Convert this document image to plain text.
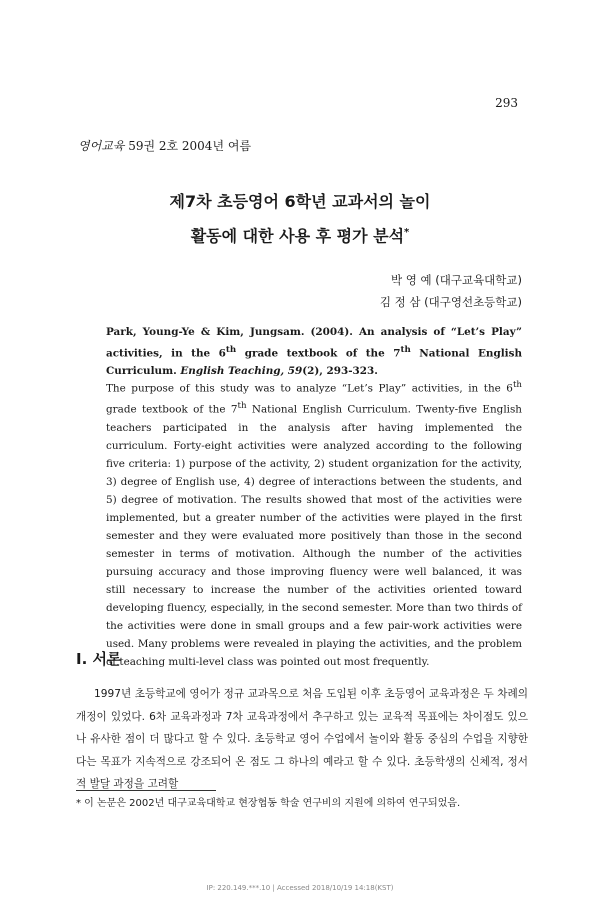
293
영어교육 59권 2호 2004년 여름
제7차 초등영어 6학년 교과서의 놀이
활동에 대한 사용 후 평가 분석*
박 영 예 (대구교육대학교)
김 정 삼 (대구영선초등학교)
Park, Young-Ye & Kim, Jungsam. (2004). An analysis of “Let’s Play” activities, in the 6th grade textbook of the 7th National English Curriculum. English Teaching, 59(2), 293-323.
The purpose of this study was to analyze “Let’s Play” activities, in the 6th grade textbook of the 7th National English Curriculum. Twenty-five English teachers participated in the analysis after having implemented the curriculum. Forty-eight activities were analyzed according to the following five criteria: 1) purpose of the activity, 2) student organization for the activity, 3) degree of English use, 4) degree of interactions between the students, and 5) degree of motivation. The results showed that most of the activities were implemented, but a greater number of the activities were played in the first semester and they were evaluated more positively than those in the second semester in terms of motivation. Although the number of the activities pursuing accuracy and those improving fluency were well balanced, it was still necessary to increase the number of the activities oriented toward developing fluency, especially, in the second semester. More than two thirds of the activities were done in small groups and a few pair-work activities were used. Many problems were revealed in playing the activities, and the problem of teaching multi-level class was pointed out most frequently.
I. 서론
1997년 초등학교에 영어가 정규 교과목으로 처음 도입된 이후 초등영어 교육과정은 두 차례의 개정이 있었다. 6차 교육과정과 7차 교육과정에서 추구하고 있는 교육적 목표에는 차이점도 있으나 유사한 점이 더 많다고 할 수 있다. 초등학교 영어 수업에서 놀이와 활동 중심의 수업을 지향한다는 목표가 지속적으로 강조되어 온 점도 그 하나의 예라고 할 수 있다. 초등학생의 신체적, 정서적 발달 과정을 고려할
* 이 논문은 2002년 대구교육대학교 현장협동 학술 연구비의 지원에 의하여 연구되었음.
IP: 220.149.***.10 | Accessed 2018/10/19 14:18(KST)
